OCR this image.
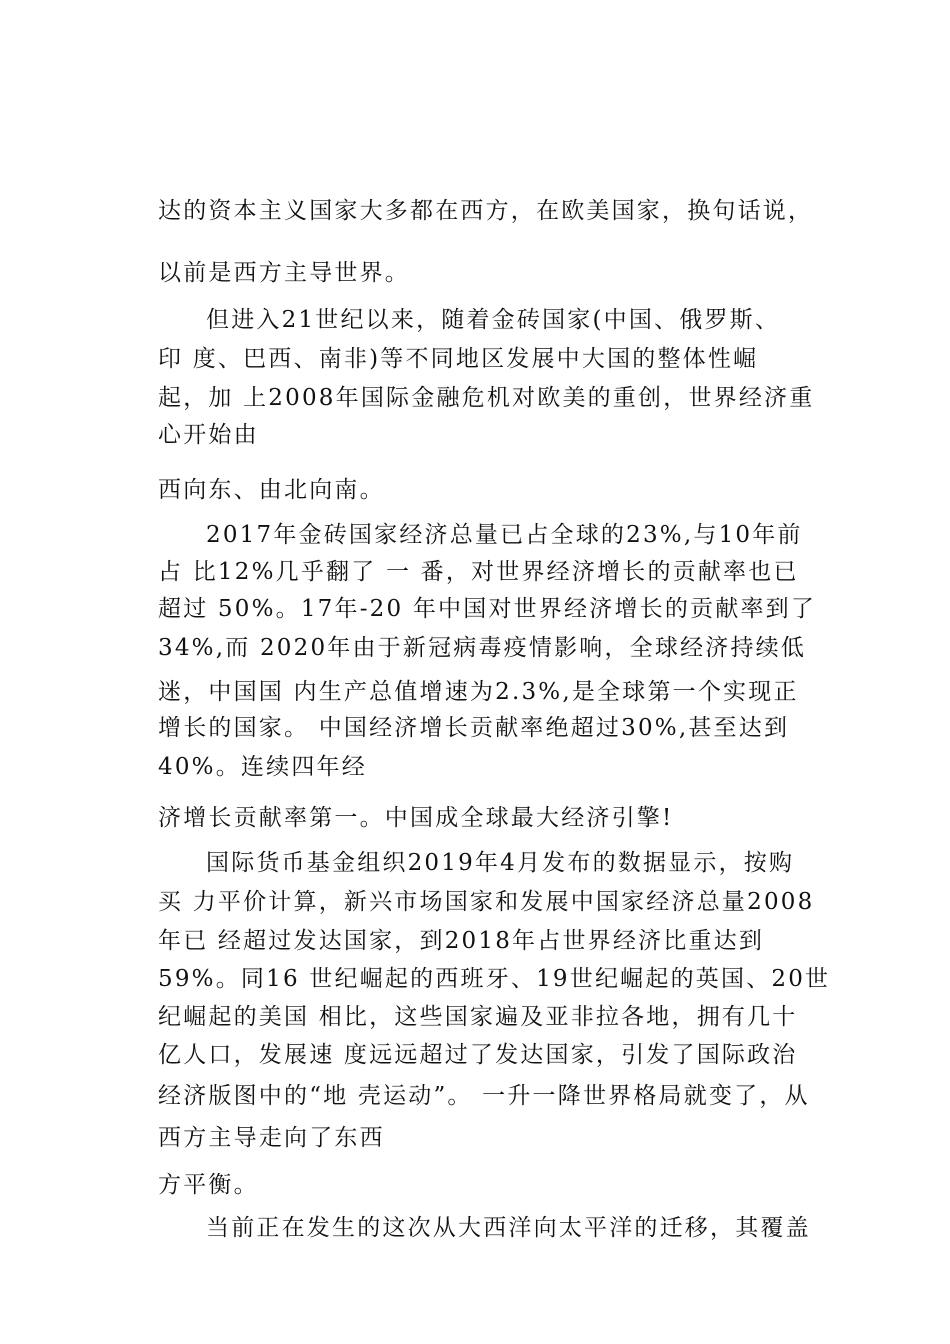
达的资本主义国家大多都在西方，在欧美国家，换句话说，

以前是西方主导世界。

但进入21世纪以来，随着金砖国家(中国、俄罗斯、

印 度、巴西、南非)等不同地区发展中大国的整体性崛

起，加 上2008年国际金融危机对欧美的重创，世界经济重

心开始由

西向东、由北向南。

2017年金砖国家经济总量已占全球的23%,与10年前

占 比12%几乎翻了 一 番，对世界经济增长的贡献率也已

超过 50%。17年-20 年中国对世界经济增长的贡献率到了

34%,而 2020年由于新冠病毒疫情影响，全球经济持续低

迷，中国国 内生产总值增速为2.3%,是全球第一个实现正

增长的国家。 中国经济增长贡献率绝超过30%,甚至达到

40%。连续四年经

济增长贡献率第一。中国成全球最大经济引擎!

国际货币基金组织2019年4月发布的数据显示，按购

买 力平价计算，新兴市场国家和发展中国家经济总量2008

年已 经超过发达国家，到2018年占世界经济比重达到

59%。同16 世纪崛起的西班牙、19世纪崛起的英国、20世

纪崛起的美国 相比，这些国家遍及亚非拉各地，拥有几十

亿人口，发展速 度远远超过了发达国家，引发了国际政治

经济版图中的“地 壳运动”。 一升一降世界格局就变了，从

西方主导走向了东西

方平衡。

当前正在发生的这次从大西洋向太平洋的迁移，其覆盖
